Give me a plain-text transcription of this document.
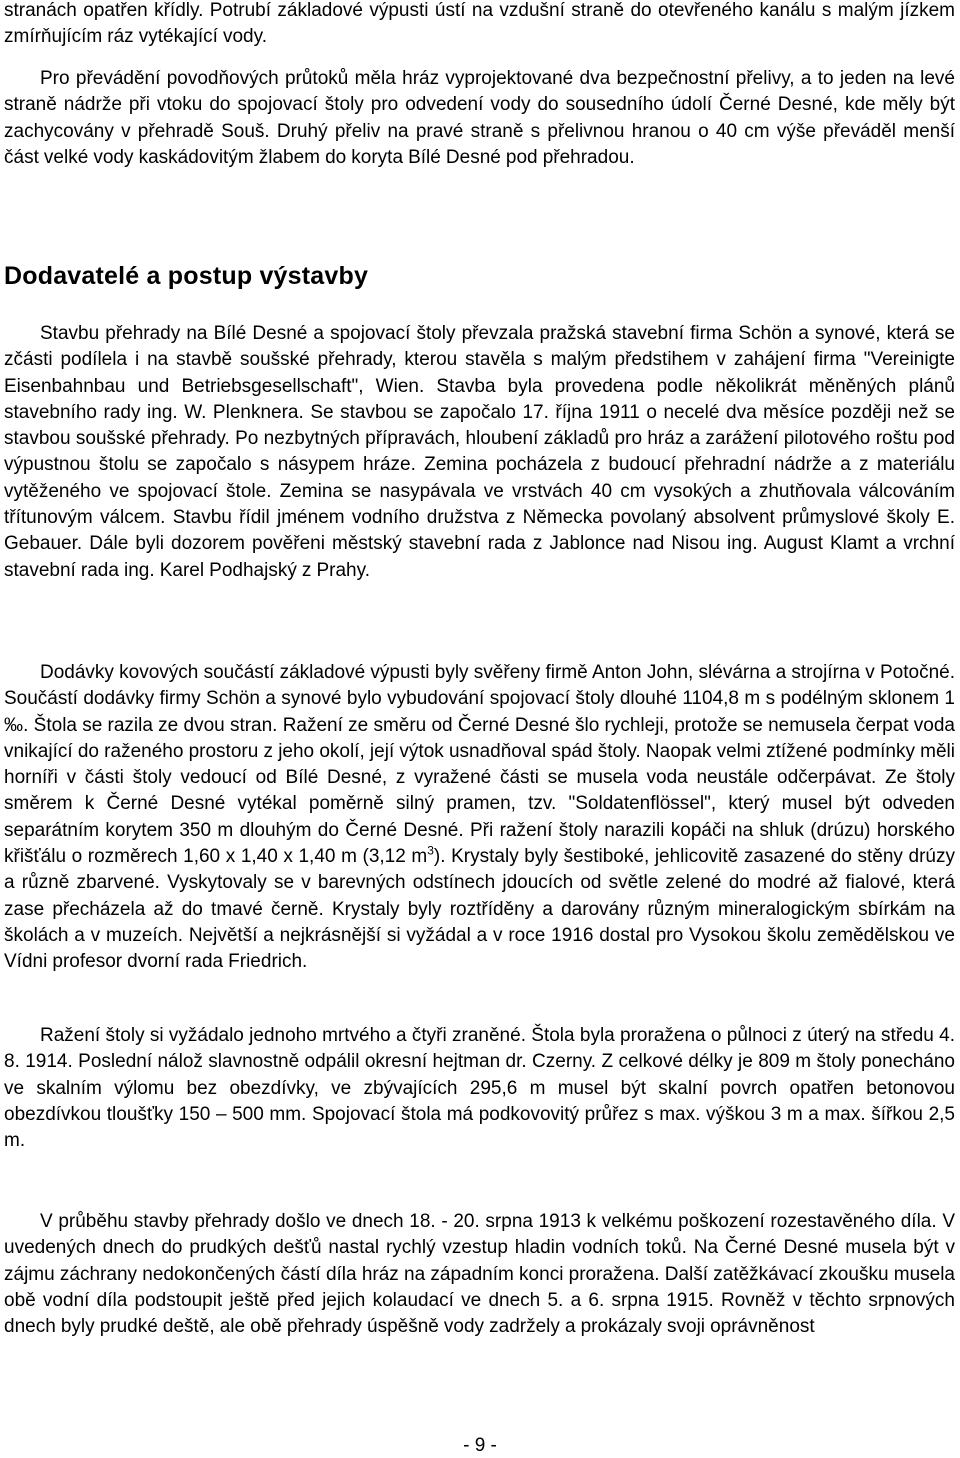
stranách opatřen křídly. Potrubí základové výpusti ústí na vzdušní straně do otevřeného kanálu s malým jízkem zmírňujícím ráz vytékající vody.

Pro převádění povodňových průtoků měla hráz vyprojektované dva bezpečnostní přelivy, a to jeden na levé straně nádrže při vtoku do spojovací štoly pro odvedení vody do sousedního údolí Černé Desné, kde měly být zachycovány v přehradě Souš. Druhý přeliv na pravé straně s přelivnou hranou o 40 cm výše převáděl menší část velké vody kaskádovitým žlabem do koryta Bílé Desné pod přehradou.

Dodavatelé a postup výstavby

Stavbu přehrady na Bílé Desné a spojovací štoly převzala pražská stavební firma Schön a synové, která se zčásti podílela i na stavbě soušské přehrady, kterou stavěla s malým předstihem v zahájení firma "Vereinigte Eisenbahnbau und Betriebsgesellschaft", Wien. Stavba byla provedena podle několikrát měněných plánů stavebního rady ing. W. Plenknera. Se stavbou se započalo 17. října 1911 o necelé dva měsíce později než se stavbou soušské přehrady. Po nezbytných přípravách, hloubení základů pro hráz a zarážení pilotového roštu pod výpustnou štolu se započalo s násypem hráze. Zemina pocházela z budoucí přehradní nádrže a z materiálu vytěženého ve spojovací štole. Zemina se nasypávala ve vrstvách 40 cm vysokých a zhutňovala válcováním třítunovým válcem. Stavbu řídil jménem vodního družstva z Německa povolaný absolvent průmyslové školy E. Gebauer. Dále byli dozorem pověřeni městský stavební rada z Jablonce nad Nisou ing. August Klamt a vrchní stavební rada ing. Karel Podhajský z Prahy.

Dodávky kovových součástí základové výpusti byly svěřeny firmě Anton John, slévárna a strojírna v Potočné. Součástí dodávky firmy Schön a synové bylo vybudování spojovací štoly dlouhé 1104,8 m s podélným sklonem 1 ‰. Štola se razila ze dvou stran. Ražení ze směru od Černé Desné šlo rychleji, protože se nemusela čerpat voda vnikající do raženého prostoru z jeho okolí, její výtok usnadňoval spád štoly. Naopak velmi ztížené podmínky měli horníři v části štoly vedoucí od Bílé Desné, z vyražené části se musela voda neustále odčerpávat. Ze štoly směrem k Černé Desné vytékal poměrně silný pramen, tzv. "Soldatenflössel", který musel být odveden separátním korytem 350 m dlouhým do Černé Desné. Při ražení štoly narazili kopáči na shluk (drúzu) horského křišťálu o rozměrech 1,60 x 1,40 x 1,40 m (3,12 $m^3$). Krystaly byly šestiboké, jehlicovitě zasazené do stěny drúzy a různě zbarvené. Vyskytovaly se v barevných odstínech jdoucích od světle zelené do modré až fialové, která zase přecházela až do tmavé černě. Krystaly byly roztříděny a darovány různým mineralogickým sbírkám na školách a v muzeích. Největší a nejkrásnější si vyžádal a v roce 1916 dostal pro Vysokou školu zemědělskou ve Vídni profesor dvorní rada Friedrich.

Ražení štoly si vyžádalo jednoho mrtvého a čtyři zraněné. Štola byla proražena o půlnoci z úterý na středu 4. 8. 1914. Poslední nálož slavnostně odpálil okresní hejtman dr. Czerny. Z celkové délky je 809 m štoly ponecháno ve skalním výlomu bez obezdívky, ve zbývajících 295,6 m musel být skalní povrch opatřen betonovou obezdívkou tloušťky 150 – 500 mm. Spojovací štola má podkovovitý průřez s max. výškou 3 m a max. šířkou 2,5 m.

V průběhu stavby přehrady došlo ve dnech 18. - 20. srpna 1913 k velkému poškození rozestavěného díla. V uvedených dnech do prudkých dešťů nastal rychlý vzestup hladin vodních toků. Na Černé Desné musela být v zájmu záchrany nedokončených částí díla hráz na západním konci proražena. Další zatěžkávací zkoušku musela obě vodní díla podstoupit ještě před jejich kolaudací ve dnech 5. a 6. srpna 1915. Rovněž v těchto srpnových dnech byly prudké deště, ale obě přehrady úspěšně vody zadržely a prokázaly svoji oprávněnost

- 9 -
